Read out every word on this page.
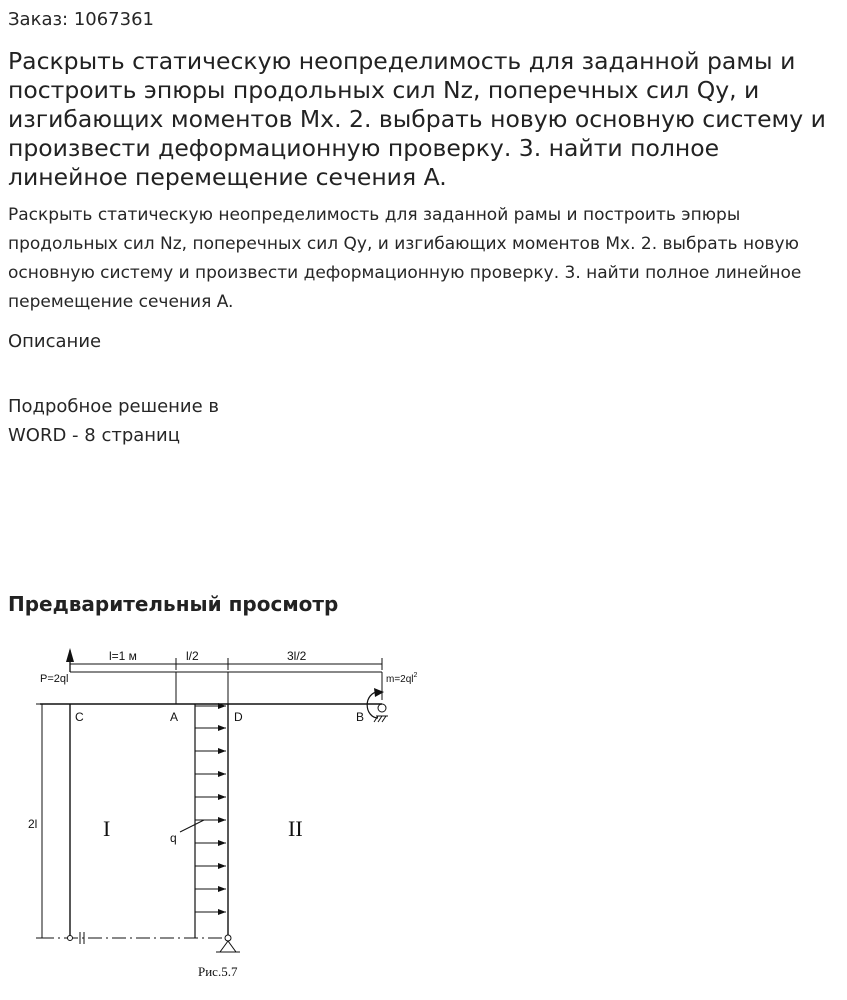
Заказ: 1067361
Раскрыть статическую неопределимость для заданной рамы и построить эпюры продольных сил Nz, поперечных сил Qy, и изгибающих моментов Mx. 2. выбрать новую основную систему и произвести деформационную проверку. 3. найти полное линейное перемещение сечения A.

Раскрыть статическую неопределимость для заданной рамы и построить эпюры продольных сил Nz, поперечных сил Qy, и изгибающих моментов Mx. 2. выбрать новую основную систему и произвести деформационную проверку. 3. найти полное линейное перемещение сечения A.

Описание
Подробное решение в
WORD - 8 страниц
Предварительный просмотр
l=1 м	l/2	3l/2
P=2ql
C	A	D	B
$m=2ql^2$
2l
q
I	II
Рис.5.7
